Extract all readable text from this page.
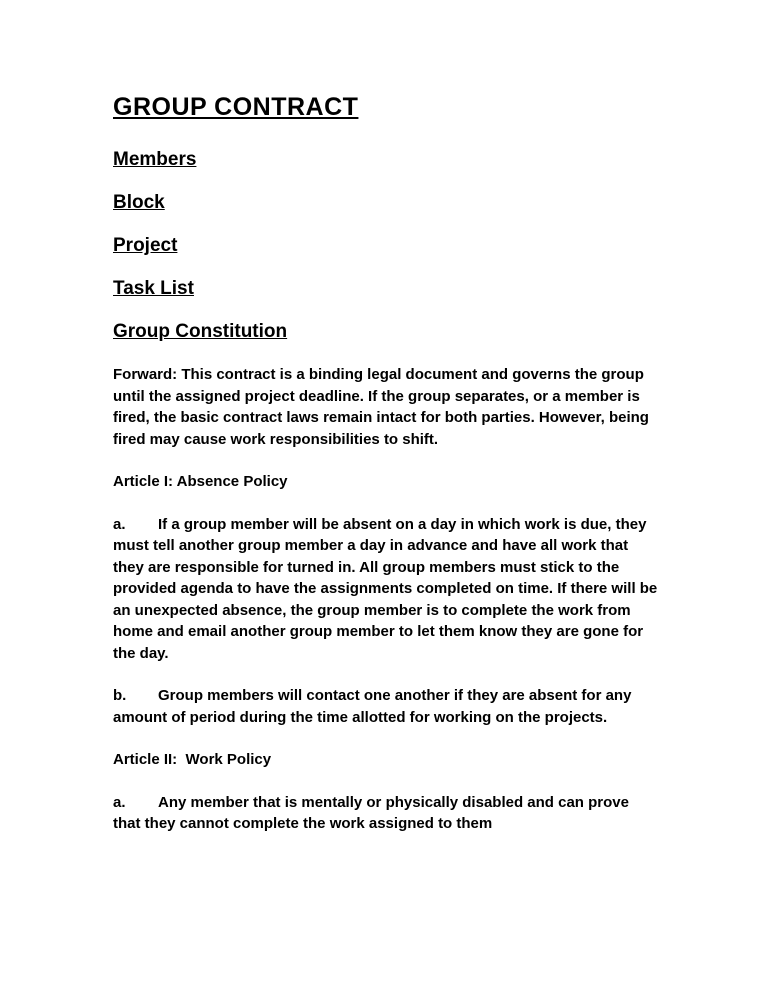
GROUP CONTRACT
Members
Block
Project
Task List
Group Constitution

Forward: This contract is a binding legal document and governs the group until the assigned project deadline. If the group separates, or a member is fired, the basic contract laws remain intact for both parties. However, being fired may cause work responsibilities to shift.

Article I: Absence Policy

a. If a group member will be absent on a day in which work is due, they must tell another group member a day in advance and have all work that they are responsible for turned in. All group members must stick to the provided agenda to have the assignments completed on time. If there will be an unexpected absence, the group member is to complete the work from home and email another group member to let them know they are gone for the day.

b. Group members will contact one another if they are absent for any amount of period during the time allotted for working on the projects.

Article II:  Work Policy

a. Any member that is mentally or physically disabled and can prove that they cannot complete the work assigned to them
